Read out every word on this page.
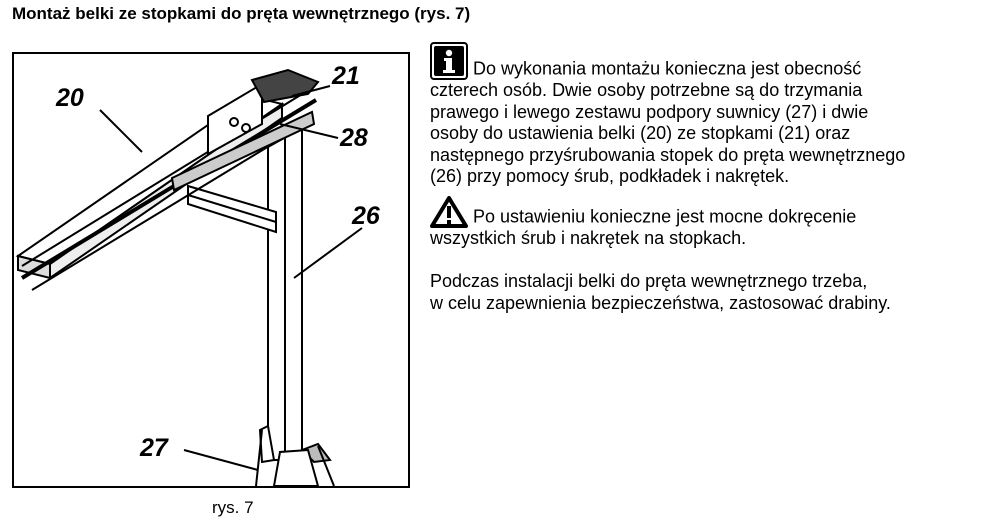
Montaż belki ze stopkami do pręta wewnętrznego (rys. 7)
20
21
28
26
27
rys. 7
Do wykonania montażu konieczna jest obecność
czterech osób. Dwie osoby potrzebne są do trzymania
prawego i lewego zestawu podpory suwnicy (27) i dwie
osoby do ustawienia belki (20) ze stopkami (21) oraz
następnego przyśrubowania stopek do pręta wewnętrznego
(26) przy pomocy śrub, podkładek i nakrętek.
Po ustawieniu konieczne jest mocne dokręcenie
wszystkich śrub i nakrętek na stopkach.
Podczas instalacji belki do pręta wewnętrznego trzeba,
w celu zapewnienia bezpieczeństwa, zastosować drabiny.
